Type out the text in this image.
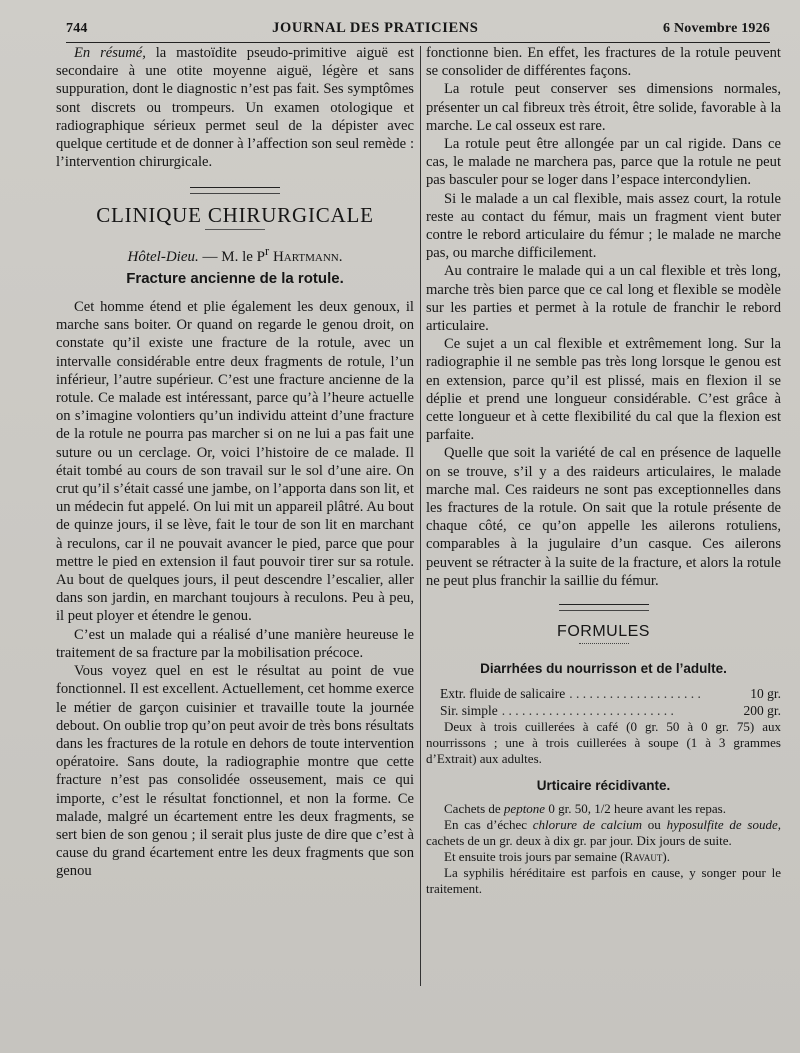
744	JOURNAL DES PRATICIENS	6 Novembre 1926

En résumé, la mastoïdite pseudo-primitive aiguë est secondaire à une otite moyenne aiguë, légère et sans suppuration, dont le diagnostic n’est pas fait. Ses symptômes sont discrets ou trompeurs. Un examen otologique et radiographique sérieux permet seul de la dépister avec quelque certitude et de donner à l’affection son seul remède : l’intervention chirurgicale.

CLINIQUE CHIRURGICALE
Hôtel-Dieu. — M. le $P^r$ Hartmann.
Fracture ancienne de la rotule.

Cet homme étend et plie également les deux genoux, il marche sans boiter. Or quand on regarde le genou droit, on constate qu’il existe une fracture de la rotule, avec un intervalle considérable entre deux fragments de rotule, l’un inférieur, l’autre supérieur. C’est une fracture ancienne de la rotule. Ce malade est intéressant, parce qu’à l’heure actuelle on s’imagine volontiers qu’un individu atteint d’une fracture de la rotule ne pourra pas marcher si on ne lui a pas fait une suture ou un cerclage. Or, voici l’histoire de ce malade. Il était tombé au cours de son travail sur le sol d’une aire. On crut qu’il s’était cassé une jambe, on l’apporta dans son lit, et un médecin fut appelé. On lui mit un appareil plâtré. Au bout de quinze jours, il se lève, fait le tour de son lit en marchant à reculons, car il ne pouvait avancer le pied, parce que pour mettre le pied en extension il faut pouvoir tirer sur sa rotule. Au bout de quelques jours, il peut descendre l’escalier, aller dans son jardin, en marchant toujours à reculons. Peu à peu, il peut ployer et étendre le genou.

C’est un malade qui a réalisé d’une manière heureuse le traitement de sa fracture par la mobilisation précoce.

Vous voyez quel en est le résultat au point de vue fonctionnel. Il est excellent. Actuellement, cet homme exerce le métier de garçon cuisinier et travaille toute la journée debout. On oublie trop qu’on peut avoir de très bons résultats dans les fractures de la rotule en dehors de toute intervention opératoire. Sans doute, la radiographie montre que cette fracture n’est pas consolidée osseusement, mais ce qui importe, c’est le résultat fonctionnel, et non la forme. Ce malade, malgré un écartement entre les deux fragments, se sert bien de son genou ; il serait plus juste de dire que c’est à cause du grand écartement entre les deux fragments que son genou

fonctionne bien. En effet, les fractures de la rotule peuvent se consolider de différentes façons.

La rotule peut conserver ses dimensions normales, présenter un cal fibreux très étroit, être solide, favorable à la marche. Le cal osseux est rare.

La rotule peut être allongée par un cal rigide. Dans ce cas, le malade ne marchera pas, parce que la rotule ne peut pas basculer pour se loger dans l’espace intercondylien.

Si le malade a un cal flexible, mais assez court, la rotule reste au contact du fémur, mais un fragment vient buter contre le rebord articulaire du fémur ; le malade ne marche pas, ou marche difficilement.

Au contraire le malade qui a un cal flexible et très long, marche très bien parce que ce cal long et flexible se modèle sur les parties et permet à la rotule de franchir le rebord articulaire.

Ce sujet a un cal flexible et extrêmement long. Sur la radiographie il ne semble pas très long lorsque le genou est en extension, parce qu’il est plissé, mais en flexion il se déplie et prend une longueur considérable. C’est grâce à cette longueur et à cette flexibilité du cal que la flexion est parfaite.

Quelle que soit la variété de cal en présence de laquelle on se trouve, s’il y a des raideurs articulaires, le malade marche mal. Ces raideurs ne sont pas exceptionnelles dans les fractures de la rotule. On sait que la rotule présente de chaque côté, ce qu’on appelle les ailerons rotuliens, comparables à la jugulaire d’un casque. Ces ailerons peuvent se rétracter à la suite de la fracture, et alors la rotule ne peut plus franchir la saillie du fémur.

FORMULES
Diarrhées du nourrisson et de l’adulte.
Extr. fluide de salicaire . . . . . . . . . . . . . . . . . . . .	10 gr.
Sir. simple . . . . . . . . . . . . . . . . . . . . . . . . . .	200 gr.

Deux à trois cuillerées à café (0 gr. 50 à 0 gr. 75) aux nourrissons ; une à trois cuillerées à soupe (1 à 3 grammes d’Extrait) aux adultes.

Urticaire récidivante.

Cachets de peptone 0 gr. 50, 1/2 heure avant les repas.

En cas d’échec chlorure de calcium ou hyposulfite de soude, cachets de un gr. deux à dix gr. par jour. Dix jours de suite.

Et ensuite trois jours par semaine (Ravaut).

La syphilis héréditaire est parfois en cause, y songer pour le traitement.
